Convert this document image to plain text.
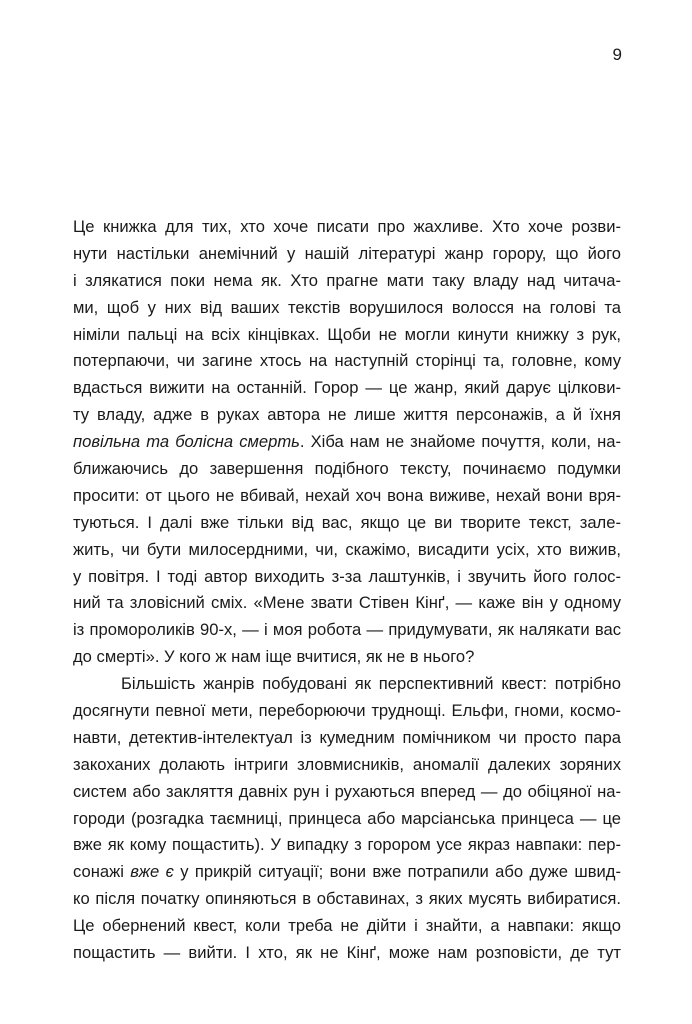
9
Це книжка для тих, хто хоче писати про жахливе. Хто хоче розви-
нути настільки анемічний у нашій літературі жанр горору, що його
і злякатися поки нема як. Хто прагне мати таку владу над читача-
ми, щоб у них від ваших текстів ворушилося волосся на голові та
німіли пальці на всіх кінцівках. Щоби не могли кинути книжку з рук,
потерпаючи, чи загине хтось на наступній сторінці та, головне, кому
вдасться вижити на останній. Горор — це жанр, який дарує цілкови-
ту владу, адже в руках автора не лише життя персонажів, а й їхня
повільна та болісна смерть. Хіба нам не знайоме почуття, коли, на-
ближаючись до завершення подібного тексту, починаємо подумки
просити: от цього не вбивай, нехай хоч вона виживе, нехай вони вря-
туються. І далі вже тільки від вас, якщо це ви творите текст, зале-
жить, чи бути милосердними, чи, скажімо, висадити усіх, хто вижив,
у повітря. І тоді автор виходить з-за лаштунків, і звучить його голос-
ний та зловісний сміх. «Мене звати Стівен Кінґ, — каже він у одному
із проморoликів 90-х, — і моя робота — придумувати, як налякати вас
до смерті». У кого ж нам іще вчитися, як не в нього?
Більшість жанрів побудовані як перспективний квест: потрібно
досягнути певної мети, переборюючи труднощі. Ельфи, гноми, космо-
навти, детектив-інтелектуал із кумедним помічником чи просто пара
закоханих долають інтриги зловмисників, аномалії далеких зоряних
систем або закляття давніх рун і рухаються вперед — до обіцяної на-
городи (розгадка таємниці, принцеса або марсіанська принцеса — це
вже як кому пощастить). У випадку з горором усе якраз навпаки: пер-
сонажі вже є у прикрій ситуації; вони вже потрапили або дуже швид-
ко після початку опиняються в обставинах, з яких мусять вибиратися.
Це обернений квест, коли треба не дійти і знайти, а навпаки: якщо
пощастить — вийти. І хто, як не Кінґ, може нам розповісти, де тут
